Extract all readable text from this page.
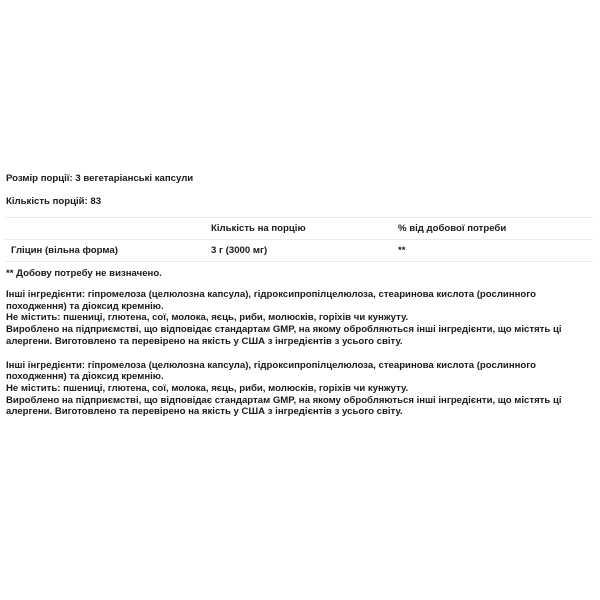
Розмір порції: 3 вегетаріанські капсули

Кількість порцій: 83

	Кількість на порцію	% від добової потреби
Гліцин (вільна форма)	3 г (3000 мг)	**

** Добову потребу не визначено.

Інші інгредієнти: гіпромелоза (целюлозна капсула), гідроксипропілцелюлоза, стеаринова кислота (рослинного походження) та діоксид кремнію.

Не містить: пшениці, глютена, сої, молока, яєць, риби, молюсків, горіхів чи кунжуту.

Вироблено на підприємстві, що відповідає стандартам GMP, на якому обробляються інші інгредієнти, що містять ці алергени. Виготовлено та перевірено на якість у США з інгредієнтів з усього світу.

Інші інгредієнти: гіпромелоза (целюлозна капсула), гідроксипропілцелюлоза, стеаринова кислота (рослинного походження) та діоксид кремнію.

Не містить: пшениці, глютена, сої, молока, яєць, риби, молюсків, горіхів чи кунжуту.

Вироблено на підприємстві, що відповідає стандартам GMP, на якому обробляються інші інгредієнти, що містять ці алергени. Виготовлено та перевірено на якість у США з інгредієнтів з усього світу.
